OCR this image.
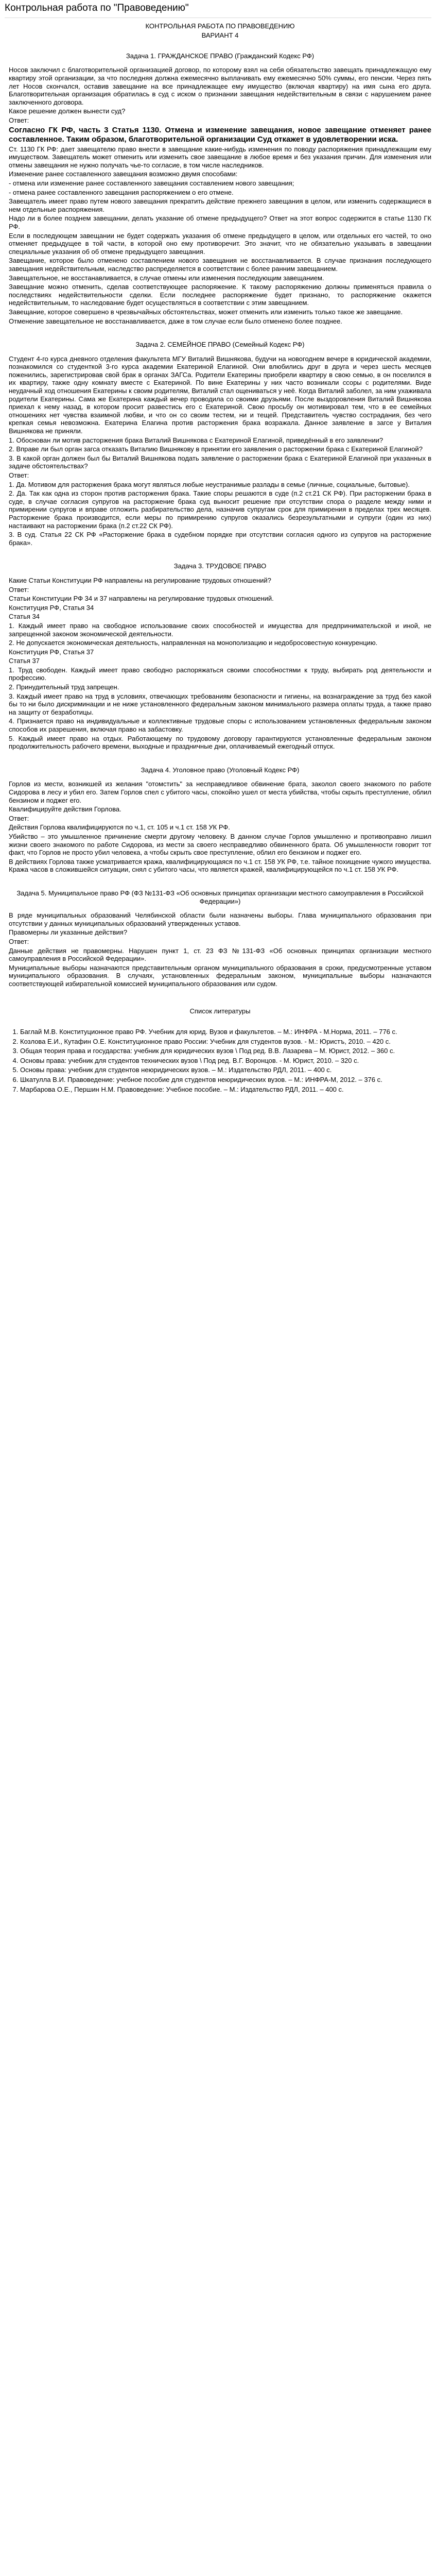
Контрольная работа по "Правоведению"
КОНТРОЛЬНАЯ РАБОТА ПО ПРАВОВЕДЕНИЮ
ВАРИАНТ 4
Задача 1. ГРАЖДАНСКОЕ ПРАВО (Гражданский Кодекс РФ)
Носов заключил с благотворительной организацией договор, по которому взял на себя обязательство завещать принадлежащую ему квартиру этой организации, за что последняя должна ежемесячно выплачивать ему ежемесячно 50% суммы, его пенсии. Через пять лет Носов скончался, оставив завещание на все принадлежащее ему имущество (включая квартиру) на имя сына его друга. Благотворительная организация обратилась в суд с иском о признании завещания недействительным в связи с нарушением ранее заключенного договора.
Какое решение должен вынести суд?
Ответ:
Согласно ГК РФ, часть 3 Статья 1130. Отмена и изменение завещания, новое завещание отменяет ранее составленное. Таким образом, благотворительной организации Суд откажет в удовлетворении иска.
Ст. 1130 ГК РФ: дает завещателю право внести в завещание какие-нибудь изменения по поводу распоряжения принадлежащим ему имуществом. Завещатель может отменить или изменить свое завещание в любое время и без указания причин. Для изменения или отмены завещания не нужно получать чье-то согласие, в том числе наследников.
Изменение ранее составленного завещания возможно двумя способами:
- отмена или изменение ранее составленного завещания составлением нового завещания;
- отмена ранее составленного завещания распоряжением о его отмене.
Завещатель имеет право путем нового завещания прекратить действие прежнего завещания в целом, или изменить содержащиеся в нем отдельные распоряжения.
Надо ли в более позднем завещании, делать указание об отмене предыдущего? Ответ на этот вопрос содержится в статье 1130 ГК РФ.
Если в последующем завещании не будет содержать указания об отмене предыдущего в целом, или отдельных его частей, то оно отменяет предыдущее в той части, в которой оно ему противоречит. Это значит, что не обязательно указывать в завещании специальные указания об об отмене предыдущего завещания.
Завещание, которое было отменено составлением нового завещания не восстанавливается. В случае признания последующего завещания недействительным, наследство распределяется в соответствии с более ранним завещанием.
Завещательное, не восстанавливается, в случае отмены или изменения последующим завещанием.
Завещание можно отменить, сделав соответствующее распоряжение. К такому распоряжению должны применяться правила о последствиях недействительности сделки. Если последнее распоряжение будет признано, то распоряжение окажется недействительным, то наследование будет осуществляться в соответствии с этим завещанием.
Завещание, которое совершено в чрезвычайных обстоятельствах, может отменить или изменить только такое же завещание.
Отменение завещательное не восстанавливается, даже в том случае если было отменено более позднее.
Задача 2. СЕМЕЙНОЕ ПРАВО (Семейный Кодекс РФ)
Студент 4-го курса дневного отделения факультета МГУ Виталий Вишнякова, будучи на новогоднем вечере в юридической академии, познакомился со студенткой 3-го курса академии Екатериной Елагиной. Они влюбились друг в друга и через шесть месяцев поженились, зарегистрировав свой брак в органах ЗАГСа. Родители Екатерины приобрели квартиру в свою семью, в он поселился в их квартиру, также одну комнату вместе с Екатериной. По вине Екатерины у них часто возникали ссоры с родителями. Виде неудачный ход отношения Екатерины к своим родителям, Виталий стал ощениваться у неё. Когда Виталий заболел, за ним ухаживала родители Екатерины. Сама же Екатерина каждый вечер проводила со своими друзьями. После выздоровления Виталий Вишнякова приехал к нему назад, в котором просит развестись его с Екатериной. Свою просьбу он мотивировал тем, что в ее семейных отношениях нет чувства взаимной любви, и что он со своим тестем, ни и тещей. Представитель чувство сострадания, без чего крепкая семья невозможна. Екатерина Елагина против расторжения брака возражала. Данное заявление в загсе у Виталия Вишнякова не приняли.
1. Обоснован ли мотив расторжения брака Виталий Вишнякова с Екатериной Елагиной, приведённый в его заявлении?
2. Вправе ли был орган загса отказать Виталию Вишнякову в принятии его заявления о расторжении брака с Екатериной Елагиной?
3. В какой орган должен был бы Виталий Вишнякова подать заявление о расторжении брака с Екатериной Елагиной при указанных в задаче обстоятельствах?
Ответ:
1. Да. Мотивом для расторжения брака могут являться любые неустранимые разлады в семье (личные, социальные, бытовые).
2. Да. Так как одна из сторон против расторжения брака. Такие споры решаются в суде (п.2 ст.21 СК РФ). При расторжении брака в суде, в случае согласия супругов на расторжение брака суд выносит решение при отсутствии спора о разделе между ними и примирении супругов и вправе отложить разбирательство дела, назначив супругам срок для примирения в пределах трех месяцев. Расторжение брака производится, если меры по примирению супругов оказались безрезультатными и супруги (один из них) настаивают на расторжении брака (п.2 ст.22 СК РФ).
3. В суд. Статья 22 СК РФ «Расторжение брака в судебном порядке при отсутствии согласия одного из супругов на расторжение брака».
Задача 3. ТРУДОВОЕ ПРАВО
Какие Статьи Конституции РФ направлены на регулирование трудовых отношений?
Ответ:
Статьи Конституции РФ 34 и 37 направлены на регулирование трудовых отношений.
Конституция РФ, Статья 34
Статья 34
1. Каждый имеет право на свободное использование своих способностей и имущества для предпринимательской и иной, не запрещенной законом экономической деятельности.
2. Не допускается экономическая деятельность, направленная на монополизацию и недобросовестную конкуренцию.
Конституция РФ, Статья 37
Статья 37
1. Труд свободен. Каждый имеет право свободно распоряжаться своими способностями к труду, выбирать род деятельности и профессию.
2. Принудительный труд запрещен.
3. Каждый имеет право на труд в условиях, отвечающих требованиям безопасности и гигиены, на вознаграждение за труд без какой бы то ни было дискриминации и не ниже установленного федеральным законом минимального размера оплаты труда, а также право на защиту от безработицы.
4. Признается право на индивидуальные и коллективные трудовые споры с использованием установленных федеральным законом способов их разрешения, включая право на забастовку.
5. Каждый имеет право на отдых. Работающему по трудовому договору гарантируются установленные федеральным законом продолжительность рабочего времени, выходные и праздничные дни, оплачиваемый ежегодный отпуск.
Задача 4. Уголовное право (Уголовный Кодекс РФ)
Горлов из мести, возникшей из желания "отомстить" за несправедливое обвинение брата, заколол своего знакомого по работе Сидорова в лесу и убил его. Затем Горлов спел с убитого часы, спокойно ушел от места убийства, чтобы скрыть преступление, облил бензином и поджег его.
Квалифицируйте действия Горлова.
Ответ:
Действия Горлова квалифицируются по ч.1, ст. 105 и ч.1 ст. 158 УК РФ.
Убийство – это умышленное причинение смерти другому человеку. В данном случае Горлов умышленно и противоправно лишил жизни своего знакомого по работе Сидорова, из мести за своего несправедливо обвиненного брата. Об умышленности говорит тот факт, что Горлов не просто убил человека, а чтобы скрыть свое преступление, облил его бензином и поджег его.
В действиях Горлова также усматривается кража, квалифицирующаяся по ч.1 ст. 158 УК РФ, т.е. тайное похищение чужого имущества. Кража часов в сложившейся ситуации, снял с убитого часы, что является кражей, квалифицирующейся по ч.1 ст. 158 УК РФ.
Задача 5. Муниципальное право РФ (ФЗ №131-ФЗ «Об основных принципах организации местного самоуправления в Российской Федерации»)
В ряде муниципальных образований Челябинской области были назначены выборы. Глава муниципального образования при отсутствии у данных муниципальных образований утвержденных уставов.
Правомерны ли указанные действия?
Ответ:
Данные действия не правомерны. Нарушен пункт 1, ст. 23 ФЗ №131-ФЗ «Об основных принципах организации местного самоуправления в Российской Федерации».
Муниципальные выборы назначаются представительным органом муниципального образования в сроки, предусмотренные уставом муниципального образования. В случаях, установленных федеральным законом, муниципальные выборы назначаются соответствующей избирательной комиссией муниципального образования или судом.
Список литературы
1. Баглай М.В. Конституционное право РФ. Учебник для юрид. Вузов и факультетов. – М.: ИНФРА - М.Норма, 2011. – 776 с.
2. Козлова Е.И., Кутафин О.Е. Конституционное право России: Учебник для студентов вузов. - М.: Юристъ, 2010. – 420 с.
3. Общая теория права и государства: учебник для юридических вузов \ Под ред. В.В. Лазарева – М. Юрист, 2012. – 360 с.
4. Основы права: учебник для студентов технических вузов \ Под ред. В.Г. Воронцов. - М. Юрист, 2010. – 320 с.
5. Основы права: учебник для студентов неюридических вузов. – М.: Издательство РДЛ, 2011. – 400 с.
6. Шкатулла В.И. Правоведение: учебное пособие для студентов неюридических вузов. – М.: ИНФРА-М, 2012. – 376 с.
7. Марбарова О.Е., Першин Н.М. Правоведение: Учебное пособие. – М.: Издательство РДЛ, 2011. – 400 с.
